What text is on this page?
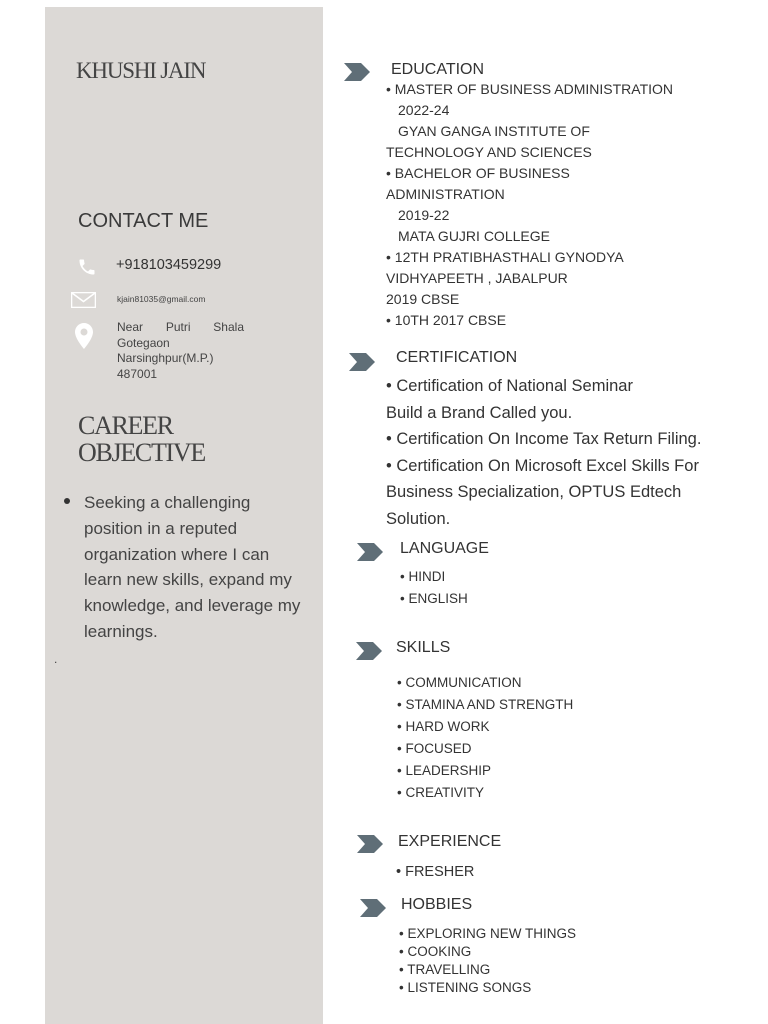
KHUSHI JAIN
CONTACT ME
+918103459299
kjain81035@gmail.com
Near Putri Shala
Gotegaon
Narsinghpur(M.P.)
487001
CAREER
OBJECTIVE
Seeking a challenging
position in a reputed
organization where I can
learn new skills, expand my
knowledge, and leverage my
learnings.
.
EDUCATION
• MASTER OF BUSINESS ADMINISTRATION
2022-24
GYAN GANGA INSTITUTE OF
TECHNOLOGY AND SCIENCES
• BACHELOR OF BUSINESS
ADMINISTRATION
2019-22
MATA GUJRI COLLEGE
• 12TH PRATIBHASTHALI GYNODYA
VIDHYAPEETH , JABALPUR
2019 CBSE
• 10TH 2017 CBSE
CERTIFICATION
• Certification of National Seminar
Build a Brand Called you.
• Certification On Income Tax Return Filing.
• Certification On Microsoft Excel Skills For
Business Specialization, OPTUS Edtech
Solution.
LANGUAGE
• HINDI
• ENGLISH
SKILLS
• COMMUNICATION
• STAMINA AND STRENGTH
• HARD WORK
• FOCUSED
• LEADERSHIP
• CREATIVITY
EXPERIENCE
• FRESHER
HOBBIES
• EXPLORING NEW THINGS
• COOKING
• TRAVELLING
• LISTENING SONGS
